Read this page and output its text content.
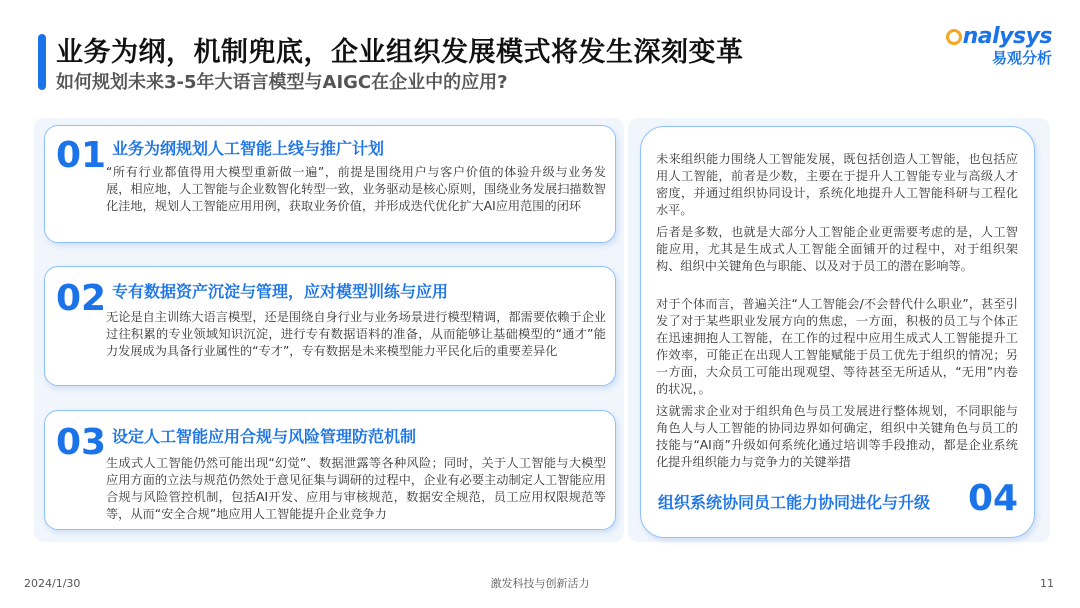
业务为纲，机制兜底，企业组织发展模式将发生深刻变革
如何规划未来3-5年大语言模型与AIGC在企业中的应用?
nalysys
易观分析
01 业务为纲规划人工智能上线与推广计划
“所有行业都值得用大模型重新做一遍”，前提是围绕用户与客户价值的体验升级与业务发展，相应地，人工智能与企业数智化转型一致，业务驱动是核心原则，围绕业务发展扫描数智化洼地，规划人工智能应用用例，获取业务价值，并形成迭代优化扩大AI应用范围的闭环
02 专有数据资产沉淀与管理，应对模型训练与应用
无论是自主训练大语言模型，还是围绕自身行业与业务场景进行模型精调，都需要依赖于企业过往积累的专业领域知识沉淀，进行专有数据语料的准备，从而能够让基础模型的“通才”能力发展成为具备行业属性的“专才”，专有数据是未来模型能力平民化后的重要差异化
03 设定人工智能应用合规与风险管理防范机制
生成式人工智能仍然可能出现“幻觉”、数据泄露等各种风险；同时，关于人工智能与大模型应用方面的立法与规范仍然处于意见征集与调研的过程中，企业有必要主动制定人工智能应用合规与风险管控机制，包括AI开发、应用与审核规范，数据安全规范，员工应用权限规范等等，从而“安全合规”地应用人工智能提升企业竞争力
未来组织能力围绕人工智能发展，既包括创造人工智能，也包括应用人工智能，前者是少数，主要在于提升人工智能专业与高级人才密度，并通过组织协同设计，系统化地提升人工智能科研与工程化水平。
后者是多数，也就是大部分人工智能企业更需要考虑的是，人工智能应用，尤其是生成式人工智能全面铺开的过程中，对于组织架构、组织中关键角色与职能、以及对于员工的潜在影响等。
对于个体而言，普遍关注“人工智能会/不会替代什么职业”，甚至引发了对于某些职业发展方向的焦虑，一方面，积极的员工与个体正在迅速拥抱人工智能，在工作的过程中应用生成式人工智能提升工作效率，可能正在出现人工智能赋能于员工优先于组织的情况；另一方面，大众员工可能出现观望、等待甚至无所适从，“无用”内卷的状况，。
这就需求企业对于组织角色与员工发展进行整体规划，不同职能与角色人与人工智能的协同边界如何确定，组织中关键角色与员工的技能与“AI商”升级如何系统化通过培训等手段推动，都是企业系统化提升组织能力与竞争力的关键举措
组织系统协同员工能力协同进化与升级 04
2024/1/30	激发科技与创新活力	11
